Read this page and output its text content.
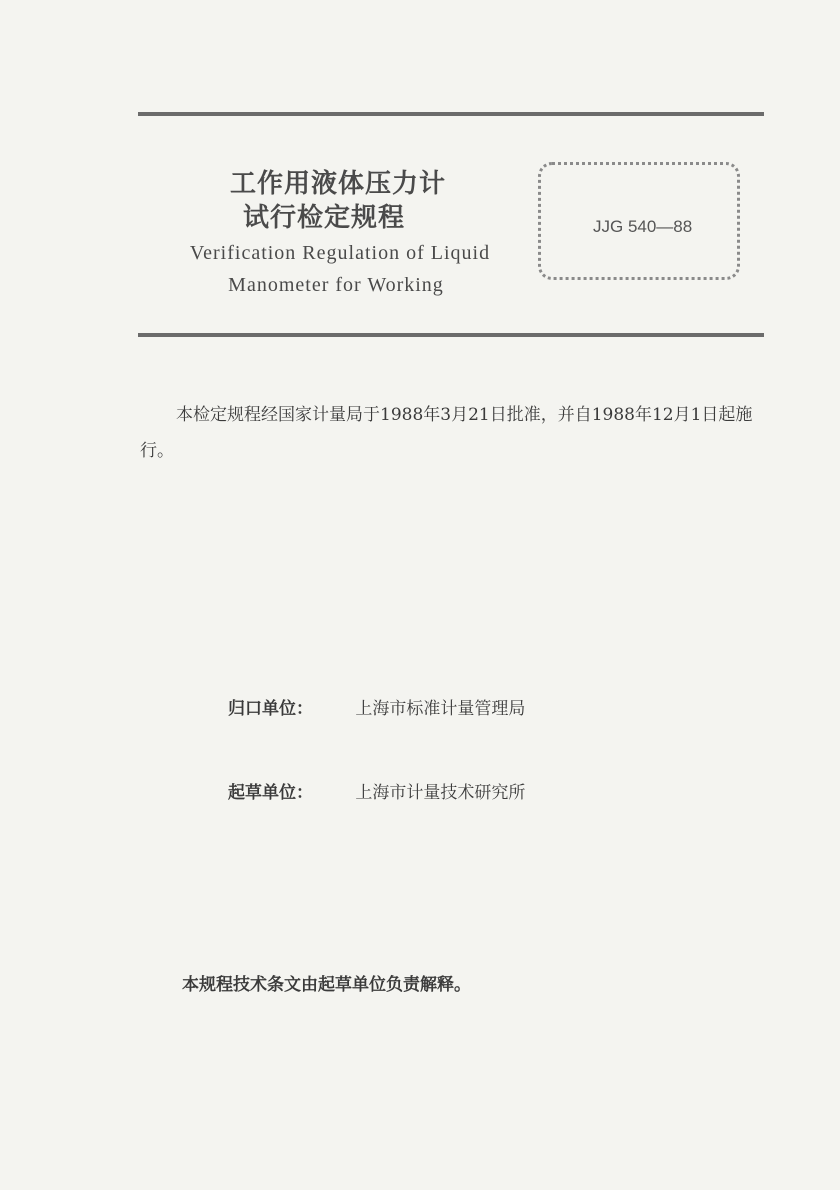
工作用液体压力计
试行检定规程
Verification Regulation of Liquid
Manometer for Working
JJG 540—88
本检定规程经国家计量局于1988年3月21日批准，并自1988年12月1日起施行。
归口单位： 上海市标准计量管理局
起草单位： 上海市计量技术研究所
本规程技术条文由起草单位负责解释。
